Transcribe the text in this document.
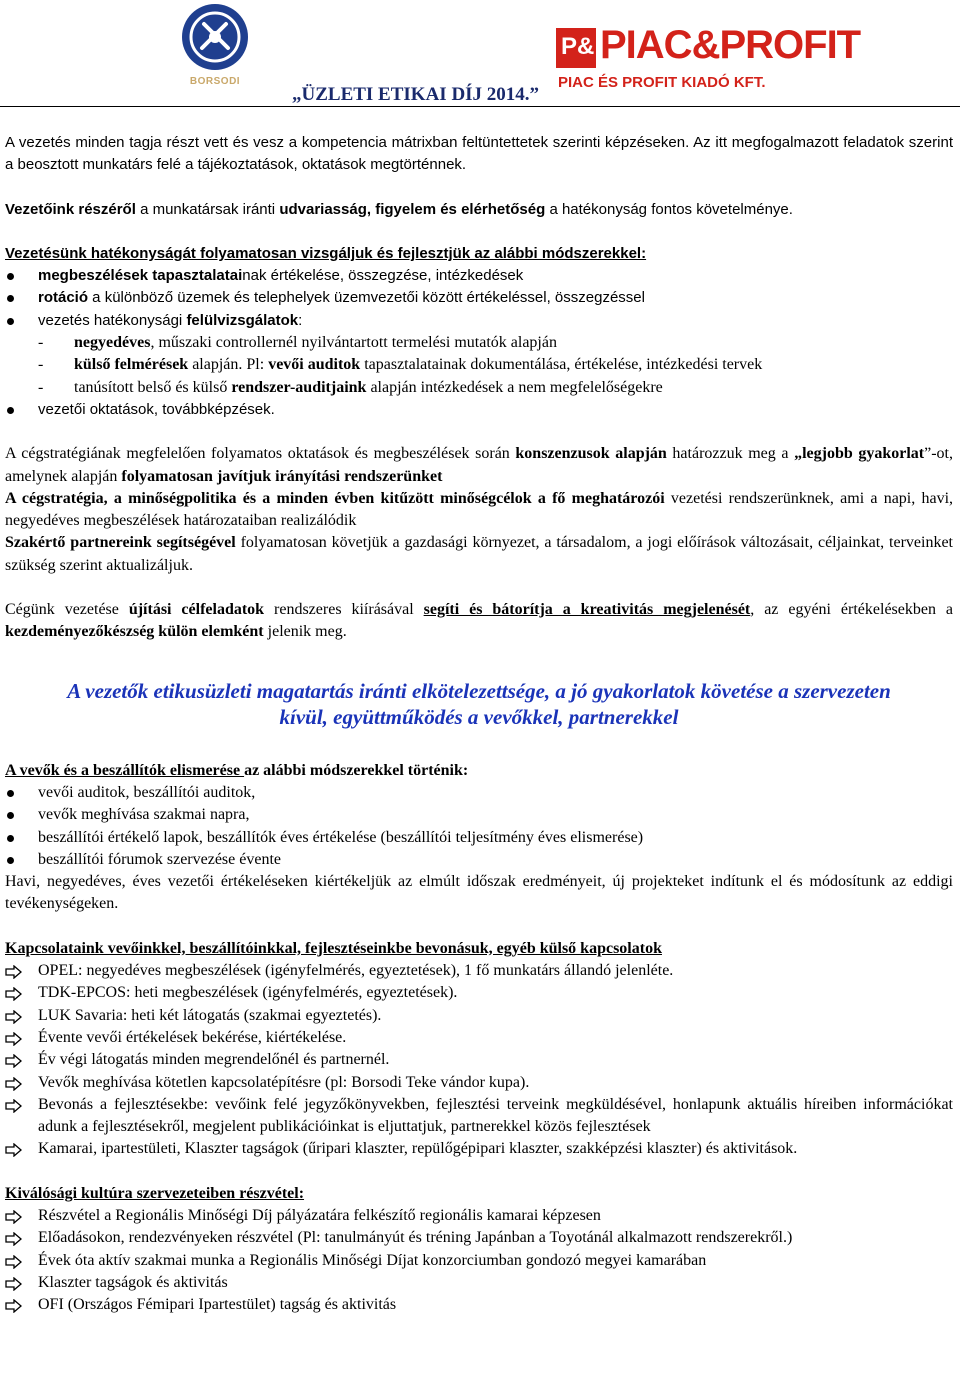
BORSODI
„ÜZLETI ETIKAI DÍJ 2014.”
P& PIAC&PROFIT
PIAC ÉS PROFIT KIADÓ KFT.

A vezetés minden tagja részt vett és vesz a kompetencia mátrixban feltüntettetek szerinti képzéseken. Az itt megfogalmazott feladatok szerint a beosztott munkatárs felé a tájékoztatások, oktatások megtörténnek.

Vezetőink részéről a munkatársak iránti udvariasság, figyelem és elérhetőség a hatékonyság fontos követelménye.

Vezetésünk hatékonyságát folyamatosan vizsgáljuk és fejlesztjük az alábbi módszerekkel:

megbeszélések tapasztalatainak értékelése, összegzése, intézkedések
rotáció a különböző üzemek és telephelyek üzemvezetői között értékeléssel, összegzéssel
vezetés hatékonysági felülvizsgálatok:
- negyedéves, műszaki controllernél nyilvántartott termelési mutatók alapján
- külső felmérések alapján. Pl: vevői auditok tapasztalatainak dokumentálása, értékelése, intézkedési tervek
- tanúsított belső és külső rendszer-auditjaink alapján intézkedések a nem megfelelőségekre
vezetői oktatások, továbbképzések.

A cégstratégiának megfelelően folyamatos oktatások és megbeszélések során konszenzusok alapján határozzuk meg a „legjobb gyakorlat”-ot, amelynek alapján folyamatosan javítjuk irányítási rendszerünket

A cégstratégia, a minőségpolitika és a minden évben kitűzött minőségcélok a fő meghatározói vezetési rendszerünknek, ami a napi, havi, negyedéves megbeszélések határozataiban realizálódik

Szakértő partnereink segítségével folyamatosan követjük a gazdasági környezet, a társadalom, a jogi előírások változásait, céljainkat, terveinket szükség szerint aktualizáljuk.

Cégünk vezetése újítási célfeladatok rendszeres kiírásával segíti és bátorítja a kreativitás megjelenését, az egyéni értékelésekben a kezdeményezőkészség külön elemként jelenik meg.

A vezetők etikusüzleti magatartás iránti elkötelezettsége, a jó gyakorlatok követése a szervezeten
kívül, együttműködés a vevőkkel, partnerekkel

A vevők és a beszállítók elismerése az alábbi módszerekkel történik:

vevői auditok, beszállítói auditok,
vevők meghívása szakmai napra,
beszállítói értékelő lapok, beszállítók éves értékelése (beszállítói teljesítmény éves elismerése)
beszállítói fórumok szervezése évente

Havi, negyedéves, éves vezetői értékeléseken kiértékeljük az elmúlt időszak eredményeit, új projekteket indítunk el és módosítunk az eddigi tevékenységeken.

Kapcsolataink vevőinkkel, beszállítóinkkal, fejlesztéseinkbe bevonásuk, egyéb külső kapcsolatok

OPEL: negyedéves megbeszélések (igényfelmérés, egyeztetések), 1 fő munkatárs állandó jelenléte.
TDK-EPCOS: heti megbeszélések (igényfelmérés, egyeztetések).
LUK Savaria: heti két látogatás (szakmai egyeztetés).
Évente vevői értékelések bekérése, kiértékelése.
Év végi látogatás minden megrendelőnél és partnernél.
Vevők meghívása kötetlen kapcsolatépítésre (pl: Borsodi Teke vándor kupa).
Bevonás a fejlesztésekbe: vevőink felé jegyzőkönyvekben, fejlesztési terveink megküldésével, honlapunk aktuális híreiben információkat adunk a fejlesztésekről, megjelent publikációinkat is eljuttatjuk, partnerekkel közös fejlesztések
Kamarai, ipartestületi, Klaszter tagságok (űripari klaszter, repülőgépipari klaszter, szakképzési klaszter) és aktivitások.

Kiválósági kultúra szervezeteiben részvétel:

Részvétel a Regionális Minőségi Díj pályázatára felkészítő regionális kamarai képzesen
Előadásokon, rendezvényeken részvétel (Pl: tanulmányút és tréning Japánban a Toyotánál alkalmazott rendszerekről.)
Évek óta aktív szakmai munka a Regionális Minőségi Díjat konzorciumban gondozó megyei kamarában
Klaszter tagságok és aktivitás
OFI (Országos Fémipari Ipartestület) tagság és aktivitás
